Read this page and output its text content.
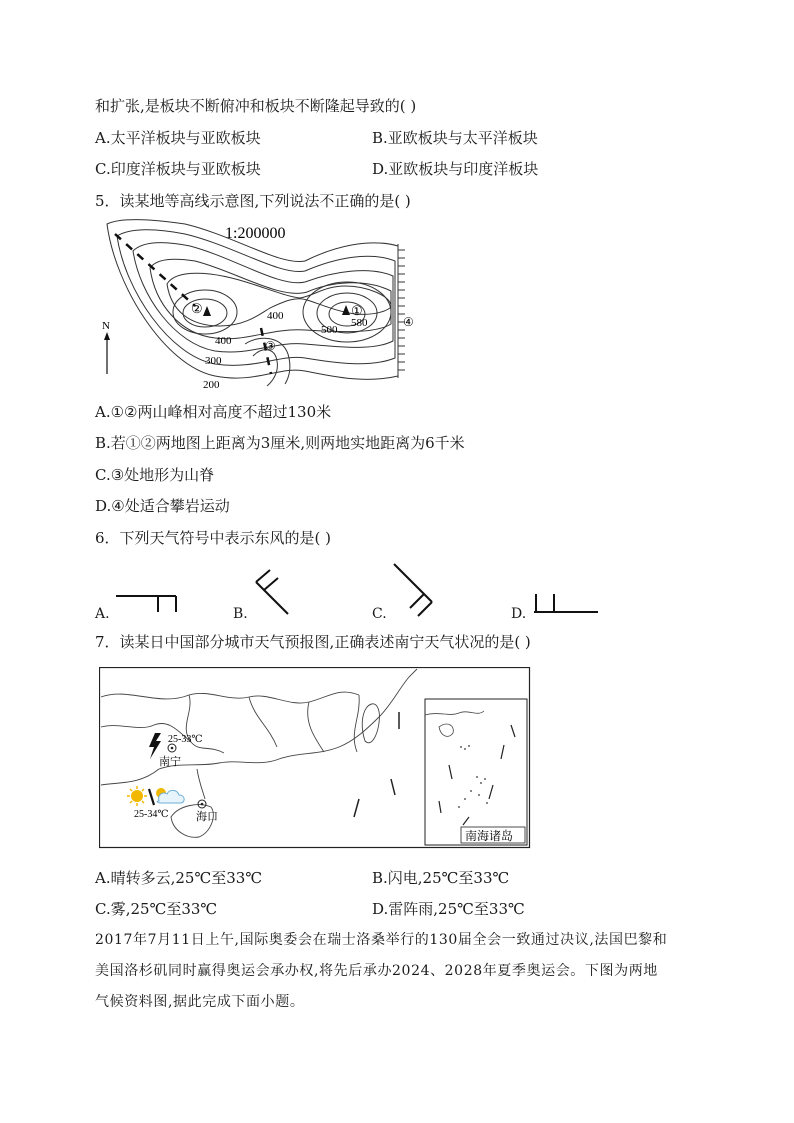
和扩张,是板块不断俯冲和板块不断隆起导致的( )
A.太平洋板块与亚欧板块	B.亚欧板块与太平洋板块
C.印度洋板块与亚欧板块	D.亚欧板块与印度洋板块
5．读某地等高线示意图,下列说法不正确的是( )
N
1:200000
②	①
③
④
200
300
400
400
500
580
A.①②两山峰相对高度不超过130米
B.若①②两地图上距离为3厘米,则两地实地距离为6千米
C.③处地形为山脊
D.④处适合攀岩运动
6．下列天气符号中表示东风的是( )
A.	B.	C.	D.
7．读某日中国部分城市天气预报图,正确表述南宁天气状况的是( )
南海诸岛
25-33℃
南宁
海口
25-34℃
A.晴转多云,25℃至33℃	B.闪电,25℃至33℃
C.雾,25℃至33℃	D.雷阵雨,25℃至33℃
2017年7月11日上午,国际奥委会在瑞士洛桑举行的130届全会一致通过决议,法国巴黎和
美国洛杉矶同时赢得奥运会承办权,将先后承办2024、2028年夏季奥运会。下图为两地
气候资料图,据此完成下面小题。
